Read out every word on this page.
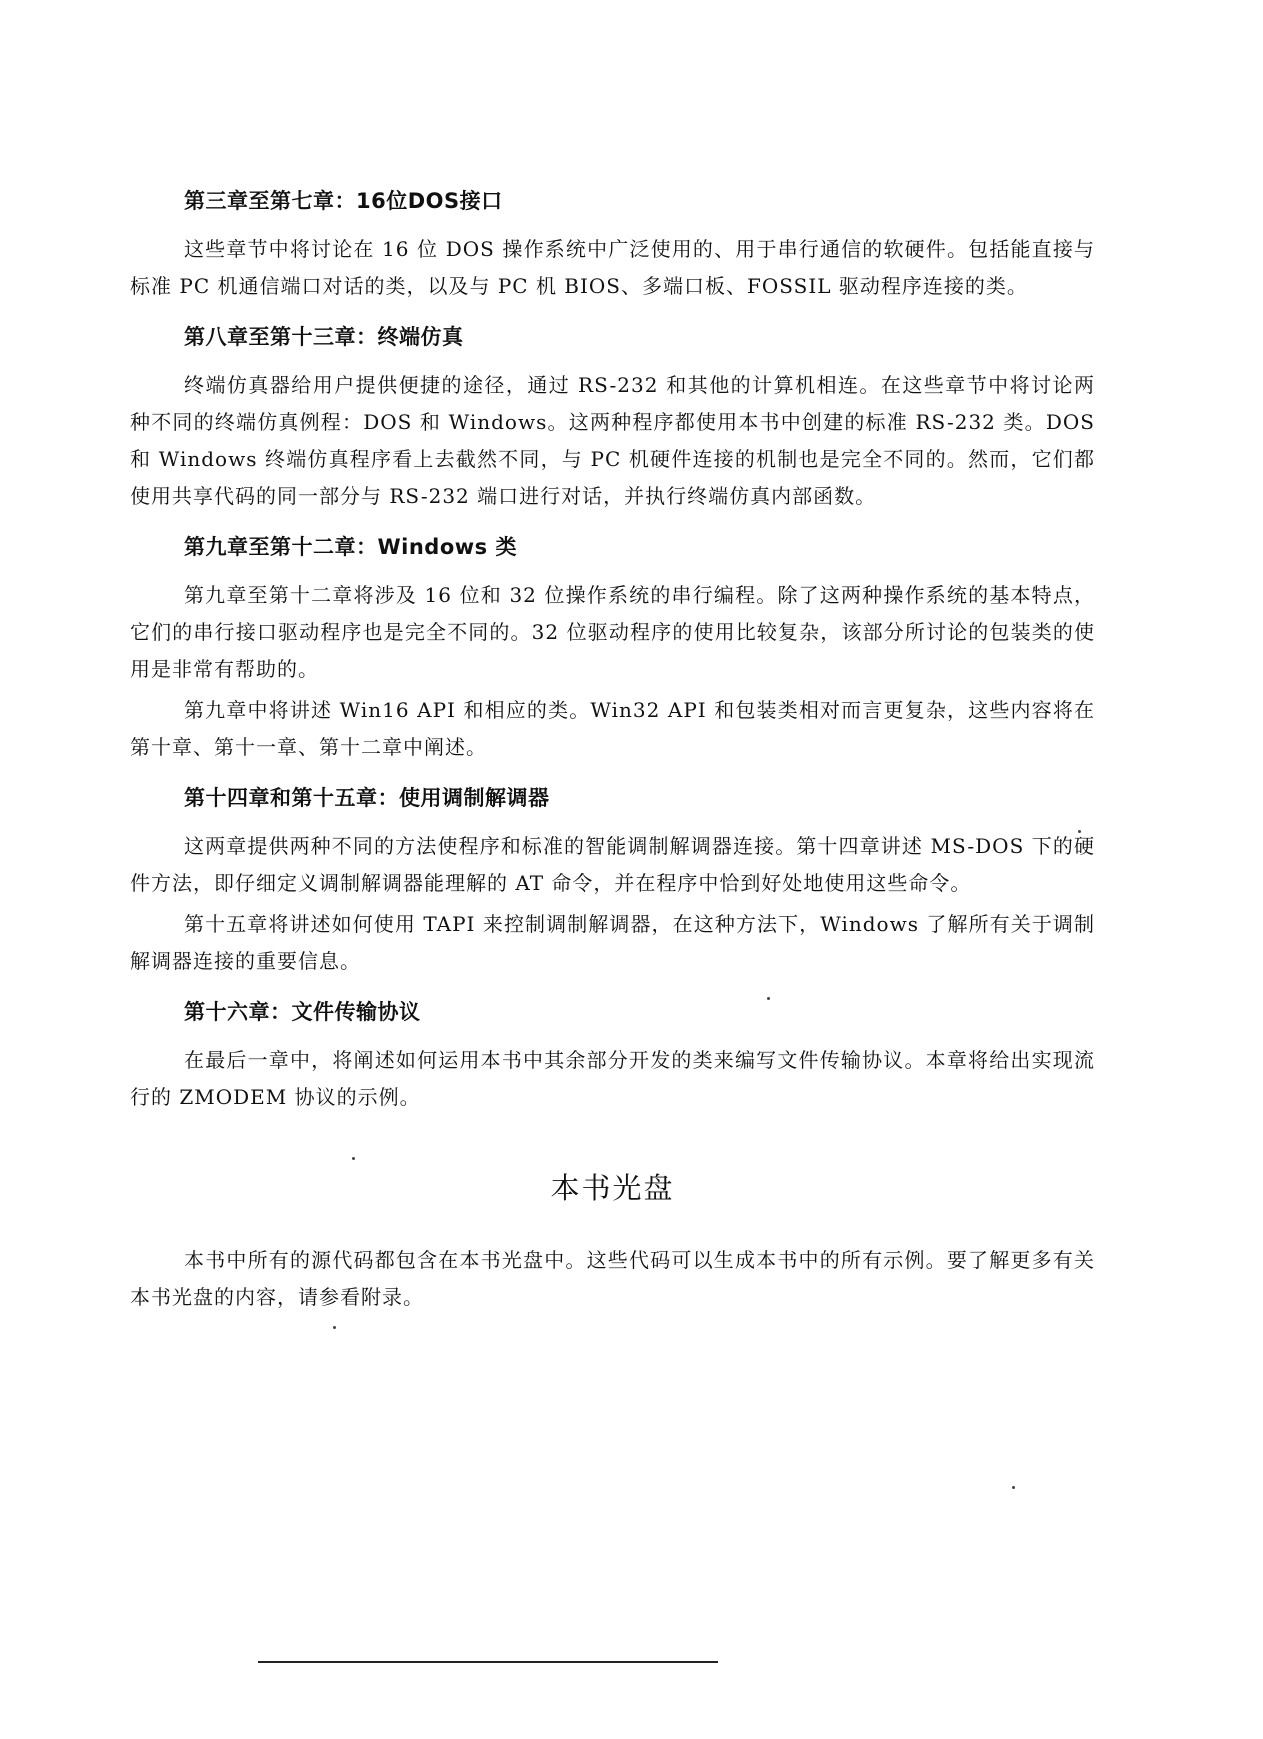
第三章至第七章：16位DOS接口

这些章节中将讨论在 16 位 DOS 操作系统中广泛使用的、用于串行通信的软硬件。包括能直接与标准 PC 机通信端口对话的类，以及与 PC 机 BIOS、多端口板、FOSSIL 驱动程序连接的类。

第八章至第十三章：终端仿真

终端仿真器给用户提供便捷的途径，通过 RS-232 和其他的计算机相连。在这些章节中将讨论两种不同的终端仿真例程：DOS 和 Windows。这两种程序都使用本书中创建的标准 RS-232 类。DOS 和 Windows 终端仿真程序看上去截然不同，与 PC 机硬件连接的机制也是完全不同的。然而，它们都使用共享代码的同一部分与 RS-232 端口进行对话，并执行终端仿真内部函数。

第九章至第十二章：Windows 类

第九章至第十二章将涉及 16 位和 32 位操作系统的串行编程。除了这两种操作系统的基本特点，它们的串行接口驱动程序也是完全不同的。32 位驱动程序的使用比较复杂，该部分所讨论的包装类的使用是非常有帮助的。

第九章中将讲述 Win16 API 和相应的类。Win32 API 和包装类相对而言更复杂，这些内容将在第十章、第十一章、第十二章中阐述。

第十四章和第十五章：使用调制解调器

这两章提供两种不同的方法使程序和标准的智能调制解调器连接。第十四章讲述 MS-DOS 下的硬件方法，即仔细定义调制解调器能理解的 AT 命令，并在程序中恰到好处地使用这些命令。

第十五章将讲述如何使用 TAPI 来控制调制解调器，在这种方法下，Windows 了解所有关于调制解调器连接的重要信息。

第十六章：文件传输协议

在最后一章中，将阐述如何运用本书中其余部分开发的类来编写文件传输协议。本章将给出实现流行的 ZMODEM 协议的示例。

本书光盘

本书中所有的源代码都包含在本书光盘中。这些代码可以生成本书中的所有示例。要了解更多有关本书光盘的内容，请参看附录。
